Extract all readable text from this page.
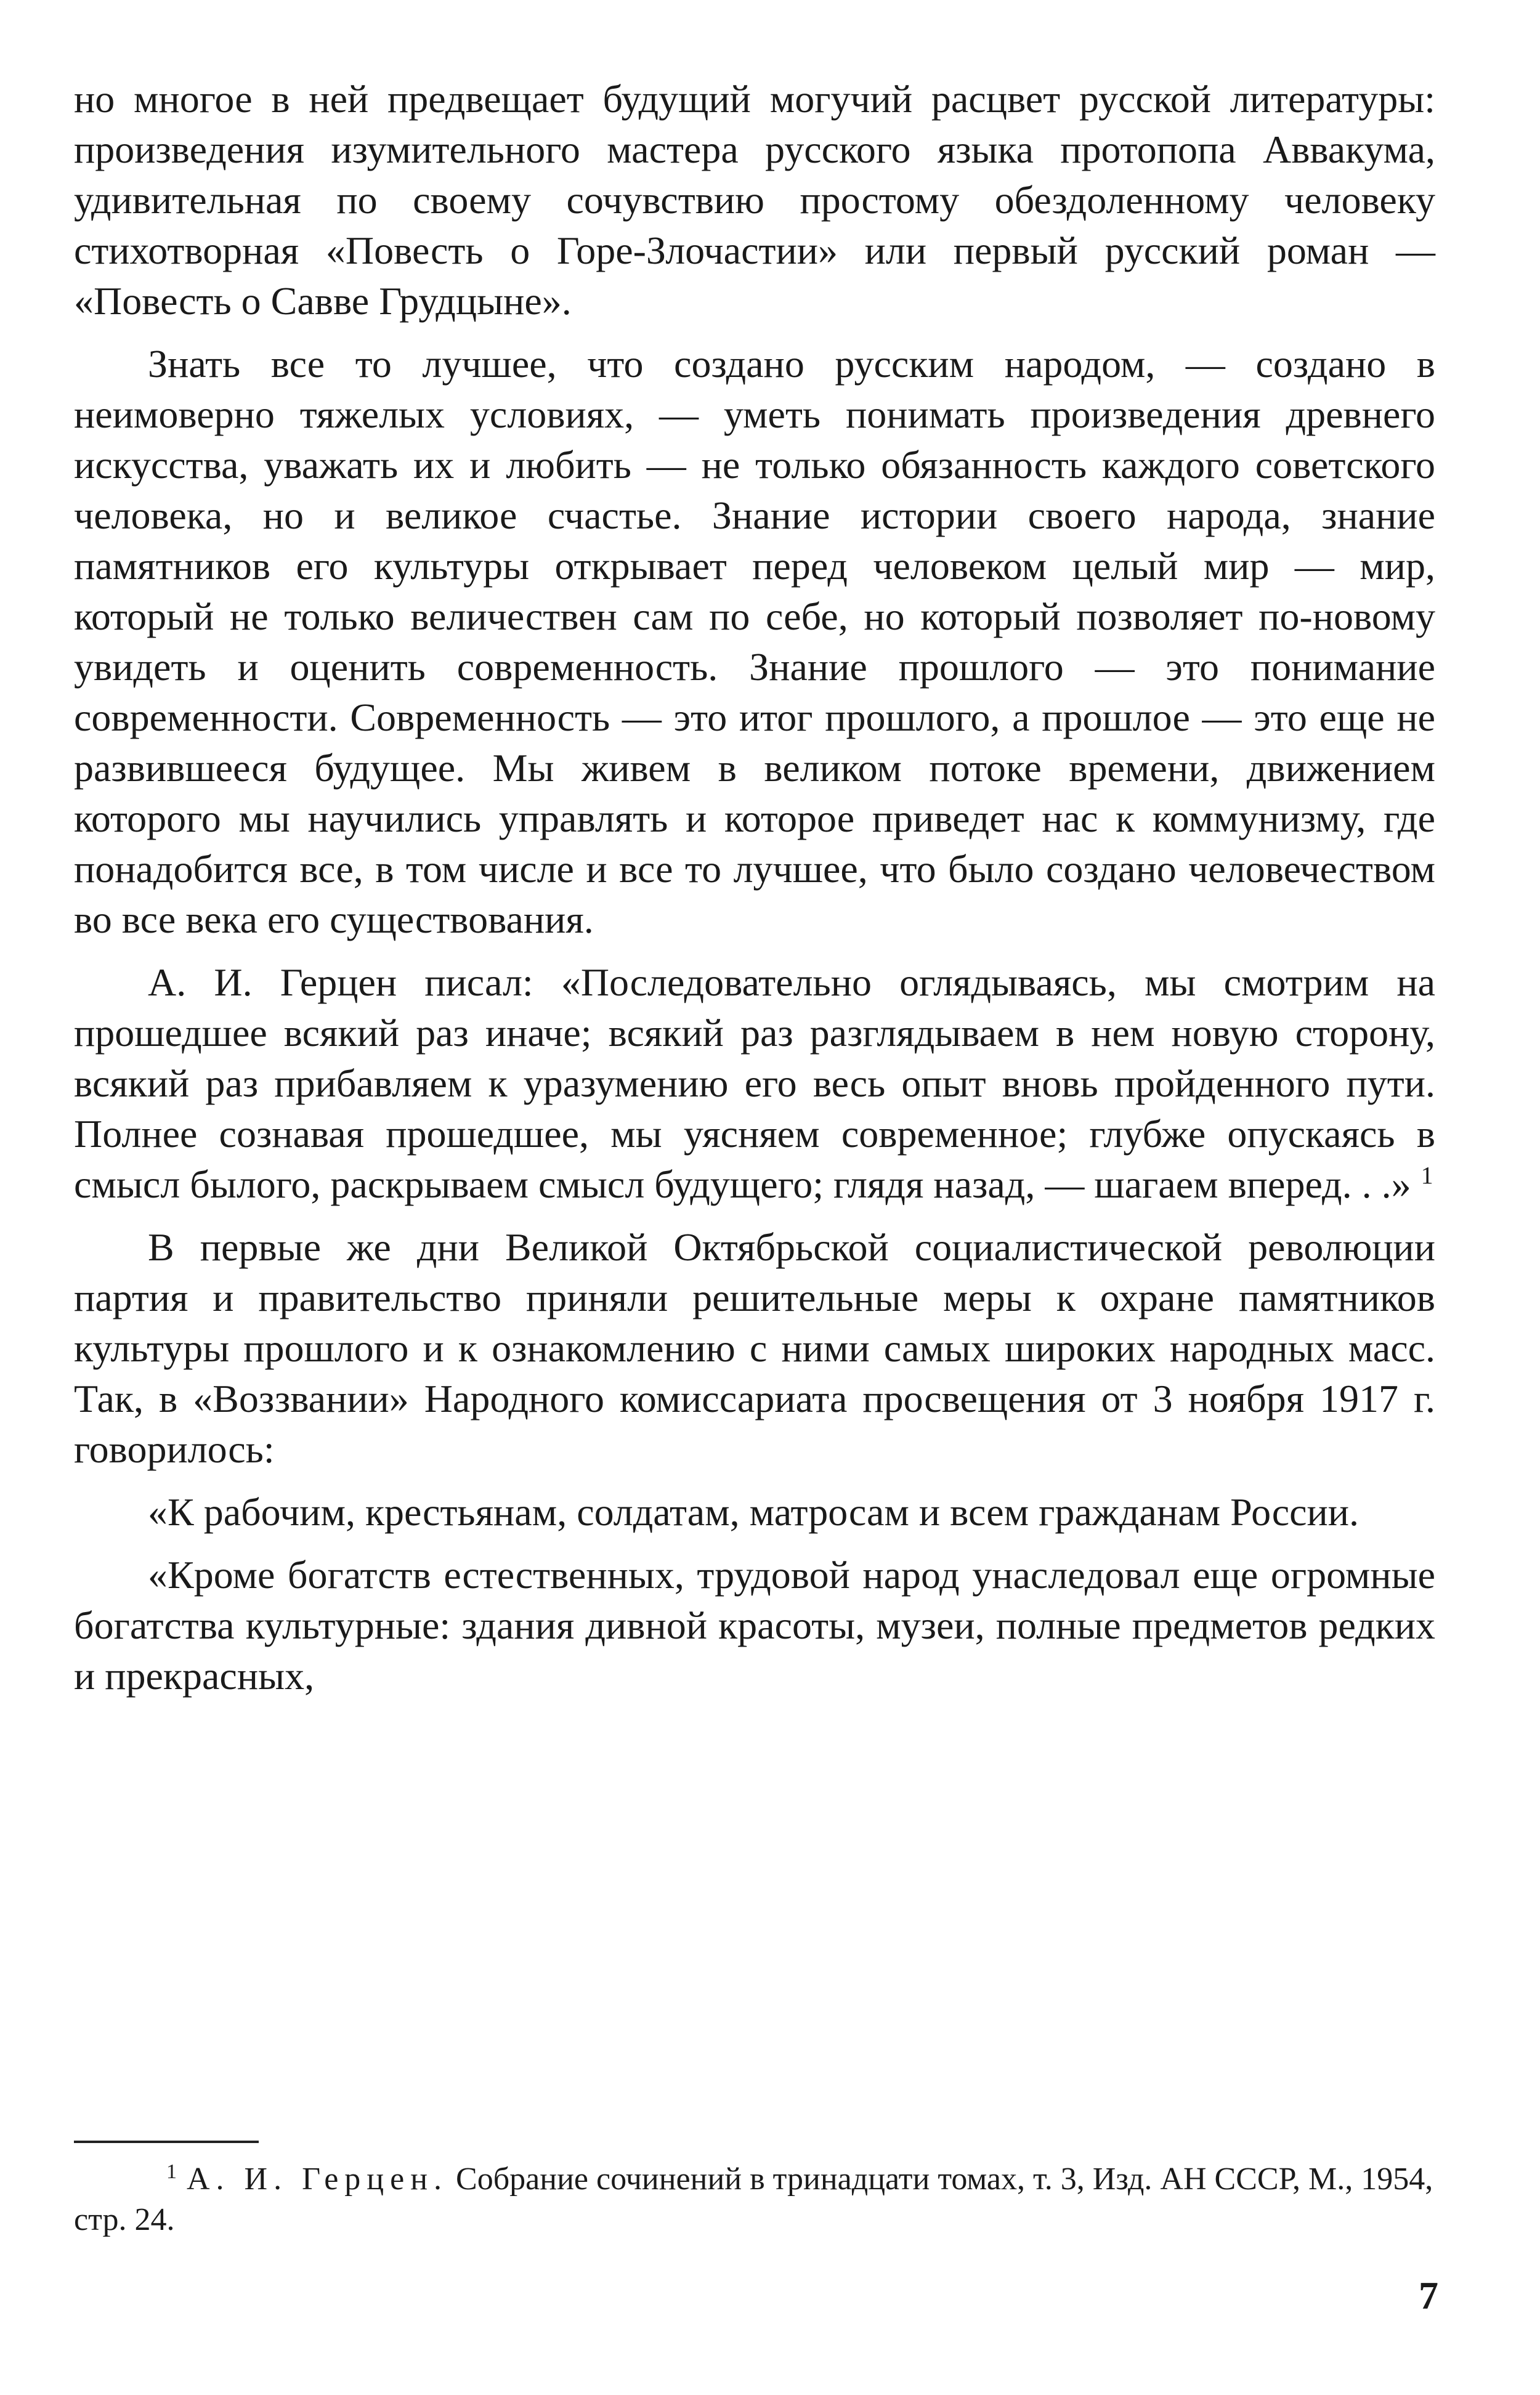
но многое в ней предвещает будущий могучий расцвет русской литературы: произведения изумительного мастера русского языка протопопа Аввакума, удивительная по своему сочувствию простому обездоленному человеку стихотворная «Повесть о Горе-Злочастии» или первый русский роман — «Повесть о Савве Грудцыне».

Знать все то лучшее, что создано русским народом, — создано в неимоверно тяжелых условиях, — уметь понимать произведения древнего искусства, уважать их и любить — не только обязанность каждого советского человека, но и великое счастье. Знание истории своего народа, знание памятников его культуры открывает перед человеком целый мир — мир, который не только величествен сам по себе, но который позволяет по-новому увидеть и оценить современность. Знание прошлого — это понимание современности. Современность — это итог прошлого, а прошлое — это еще не развившееся будущее. Мы живем в великом потоке времени, движением которого мы научились управлять и которое приведет нас к коммунизму, где понадобится все, в том числе и все то лучшее, что было создано человечеством во все века его существования.

А. И. Герцен писал: «Последовательно оглядываясь, мы смотрим на прошедшее всякий раз иначе; всякий раз разглядываем в нем новую сторону, всякий раз прибавляем к уразумению его весь опыт вновь пройденного пути. Полнее сознавая прошедшее, мы уясняем современное; глубже опускаясь в смысл былого, раскрываем смысл будущего; глядя назад, — шагаем вперед. . .» $^1$

В первые же дни Великой Октябрьской социалистической революции партия и правительство приняли решительные меры к охране памятников культуры прошлого и к ознакомлению с ними самых широких народных масс. Так, в «Воззвании» Народного комиссариата просвещения от 3 ноября 1917 г. говорилось:

«К рабочим, крестьянам, солдатам, матросам и всем гражданам России.

«Кроме богатств естественных, трудовой народ унаследовал еще огромные богатства культурные: здания дивной красоты, музеи, полные предметов редких и прекрасных,

$^1$ А. И. Герцен. Собрание сочинений в тринадцати томах, т. 3, Изд. АН СССР, М., 1954, стр. 24.
7
